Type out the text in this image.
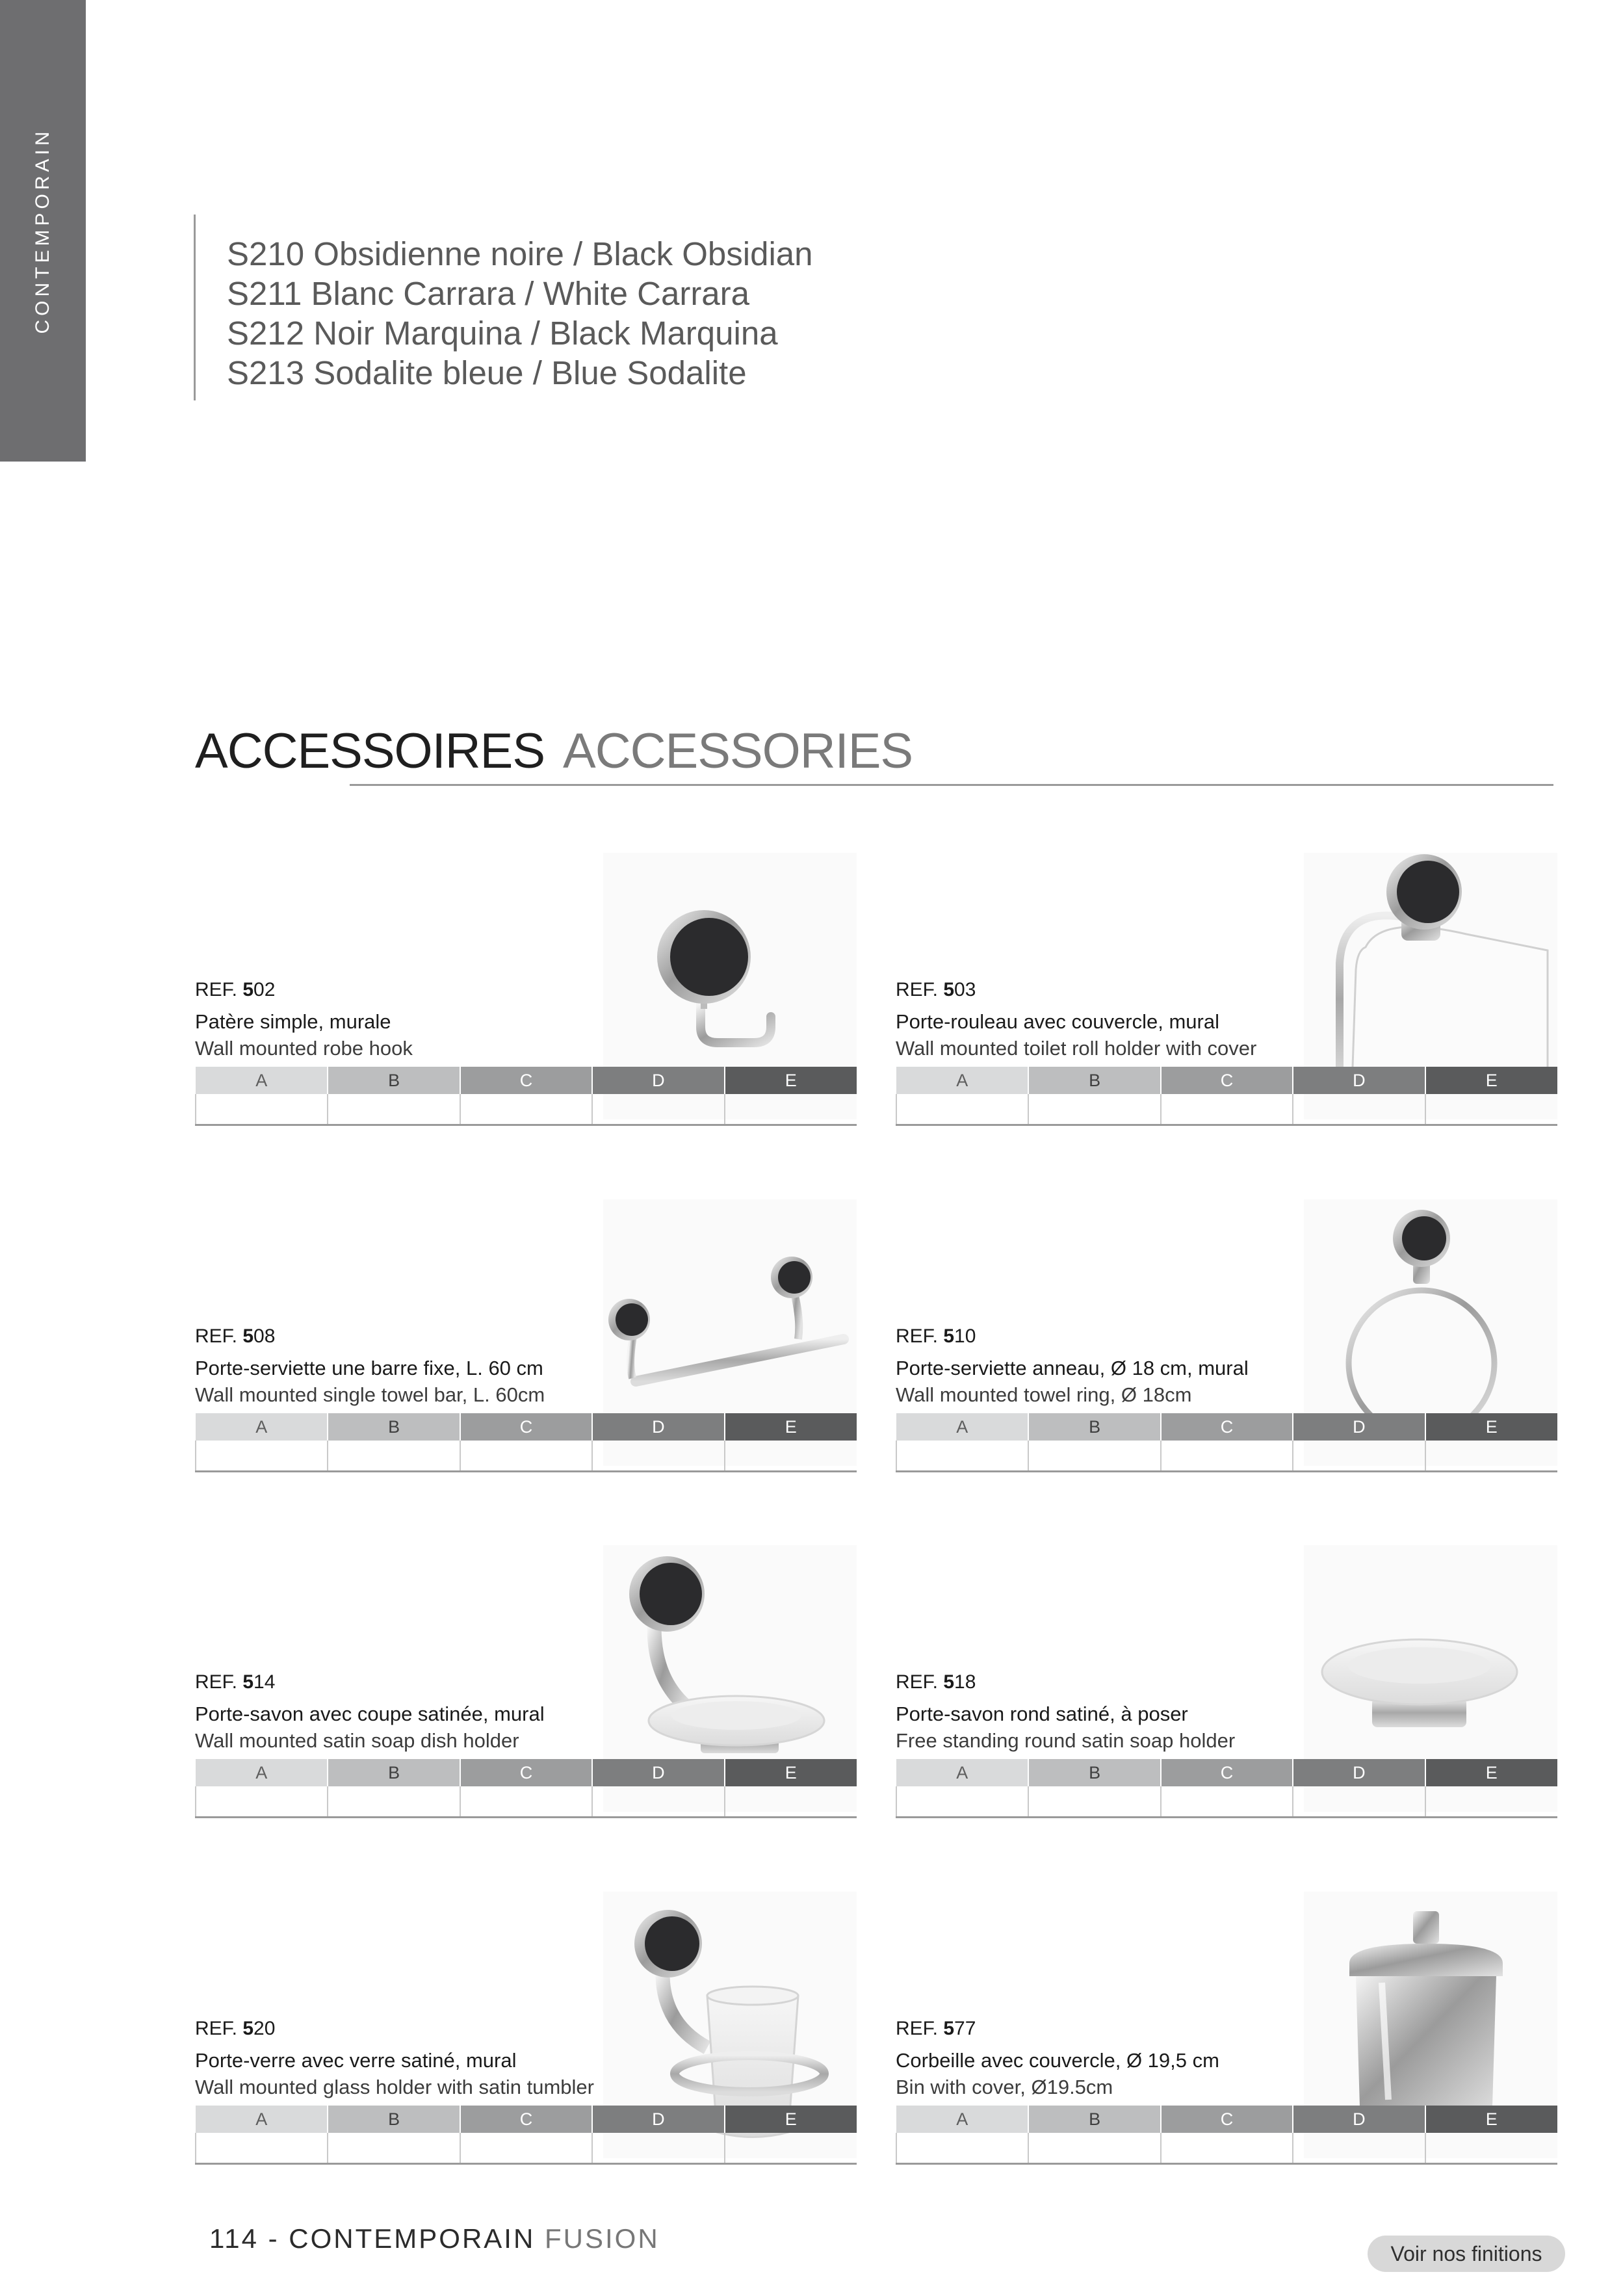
CONTEMPORAIN	S210 Obsidienne noire / Black Obsidian
S211 Blanc Carrara / White Carrara
S212 Noir Marquina / Black Marquina
S213 Sodalite bleue / Blue Sodalite
ACCESSOIRES ACCESSORIES
REF. 502
Patère simple, murale
Wall mounted robe hook
A	B	C	D	E

REF. 503
Porte-rouleau avec couvercle, mural
Wall mounted toilet roll holder with cover
A	B	C	D	E

REF. 508
Porte-serviette une barre fixe, L. 60 cm
Wall mounted single towel bar, L. 60cm
A	B	C	D	E

REF. 510
Porte-serviette anneau, Ø 18 cm, mural
Wall mounted towel ring, Ø 18cm
A	B	C	D	E

REF. 514
Porte-savon avec coupe satinée, mural
Wall mounted satin soap dish holder
A	B	C	D	E

REF. 518
Porte-savon rond satiné, à poser
Free standing round satin soap holder
A	B	C	D	E

REF. 520
Porte-verre avec verre satiné, mural
Wall mounted glass holder with satin tumbler
A	B	C	D	E

REF. 577
Corbeille avec couvercle, Ø 19,5 cm
Bin with cover, Ø19.5cm
A	B	C	D	E

114 - CONTEMPORAIN FUSION	Voir nos finitions
